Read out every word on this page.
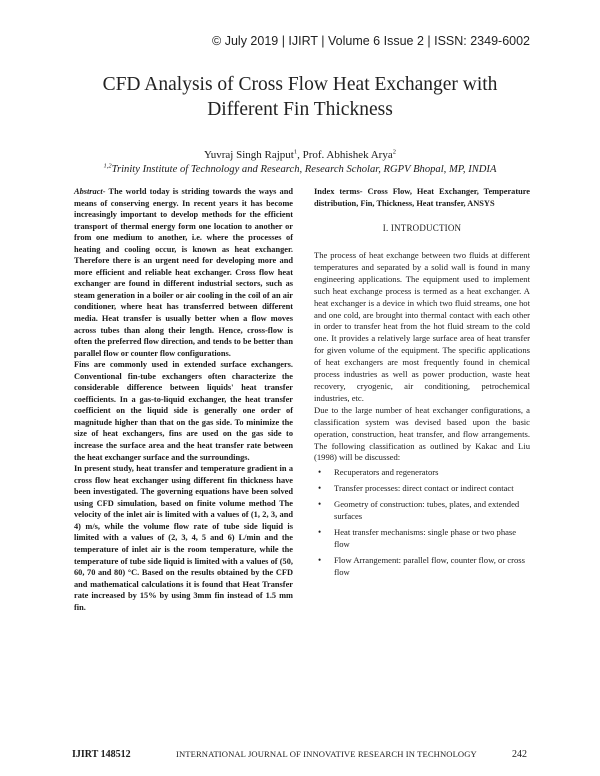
© July 2019 | IJIRT | Volume 6 Issue 2 | ISSN: 2349-6002
CFD Analysis of Cross Flow Heat Exchanger with
Different Fin Thickness
Yuvraj Singh Rajput$^1$, Prof. Abhishek Arya$^2$
$^{1,2}$Trinity Institute of Technology and Research, Research Scholar, RGPV Bhopal, MP, INDIA

Abstract- The world today is striding towards the ways and means of conserving energy. In recent years it has become increasingly important to develop methods for the efficient transport of thermal energy form one location to another or from one medium to another, i.e. where the processes of heating and cooling occur, is known as heat exchanger. Therefore there is an urgent need for developing more and more efficient and reliable heat exchanger. Cross flow heat exchanger are found in different industrial sectors, such as steam generation in a boiler or air cooling in the coil of an air conditioner, where heat has transferred between different media. Heat transfer is usually better when a flow moves across tubes than along their length. Hence, cross-flow is often the preferred flow direction, and tends to be better than parallel flow or counter flow configurations.

Fins are commonly used in extended surface exchangers. Conventional fin-tube exchangers often characterize the considerable difference between liquids' heat transfer coefficients. In a gas-to-liquid exchanger, the heat transfer coefficient on the liquid side is generally one order of magnitude higher than that on the gas side. To minimize the size of heat exchangers, fins are used on the gas side to increase the surface area and the heat transfer rate between the heat exchanger surface and the surroundings.

In present study, heat transfer and temperature gradient in a cross flow heat exchanger using different fin thickness have been investigated. The governing equations have been solved using CFD simulation, based on finite volume method The velocity of the inlet air is limited with a values of (1, 2, 3, and 4) m/s, while the volume flow rate of tube side liquid is limited with a values of (2, 3, 4, 5 and 6) L/min and the temperature of inlet air is the room temperature, while the temperature of tube side liquid is limited with a values of (50, 60, 70 and 80) °C. Based on the results obtained by the CFD and mathematical calculations it is found that Heat Transfer rate increased by 15% by using 3mm fin instead of 1.5 mm fin.

Index terms- Cross Flow, Heat Exchanger, Temperature distribution, Fin, Thickness, Heat transfer, ANSYS

I. INTRODUCTION

The process of heat exchange between two fluids at different temperatures and separated by a solid wall is found in many engineering applications. The equipment used to implement such heat exchange process is termed as a heat exchanger. A heat exchanger is a device in which two fluid streams, one hot and one cold, are brought into thermal contact with each other in order to transfer heat from the hot fluid stream to the cold one. It provides a relatively large surface area of heat transfer for given volume of the equipment. The specific applications of heat exchangers are most frequently found in chemical process industries as well as power production, waste heat recovery, cryogenic, air conditioning, petrochemical industries, etc.

Due to the large number of heat exchanger configurations, a classification system was devised based upon the basic operation, construction, heat transfer, and flow arrangements. The following classification as outlined by Kakac and Liu (1998) will be discussed:

• Recuperators and regenerators
• Transfer processes: direct contact or indirect contact
• Geometry of construction: tubes, plates, and extended surfaces
• Heat transfer mechanisms: single phase or two phase flow
• Flow Arrangement: parallel flow, counter flow, or cross flow
IJIRT 148512	INTERNATIONAL JOURNAL OF INNOVATIVE RESEARCH IN TECHNOLOGY	242
